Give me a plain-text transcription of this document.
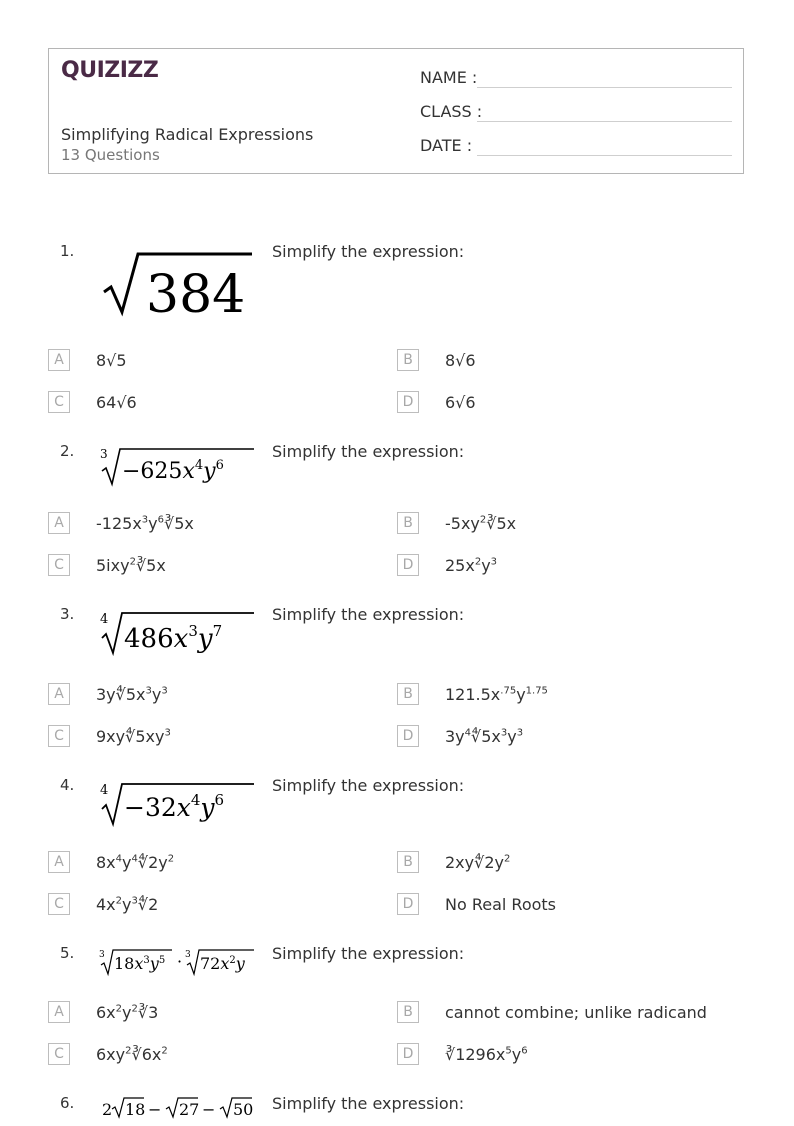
QUIZIZZ
Simplifying Radical Expressions
13 Questions
NAME :
CLASS :
DATE :
1.
384
Simplify the expression:
A	8√5	B	8√6
C	64√6	D	6√6
2. 3
$-625x^4y^6$
Simplify the expression:
A	$-125x^3y^6∛5x$	B	$-5xy^2∛5x$
C	5ixy$^2$∛5x	D	$25x^2y^3$
3. 4
$486x^3y^7$
Simplify the expression:
A	$3y∜5x^3y^3$	B	$121.5x^{.75}y^{1.75}$
C	$9xy∜5xy^3$	D	$3y^4∜5x^3y^3$
4. 4
$-32x^4y^6$
Simplify the expression:
A	$8x^4y^4∜2y^2$	B	$2xy∜2y^2$
C	$4x^2y^3∜2$	D	No Real Roots
5.	3 $18x^3y^5 \cdot 3$ $72x^2y$
Simplify the expression:
A	$6x^2y^2∛3$	B	cannot combine; unlike radicand
C	$6xy^2∛6x^2$	D	$∛1296x^5y^6$
6. 2 18 − 27 − 50 Simplify the expression:
